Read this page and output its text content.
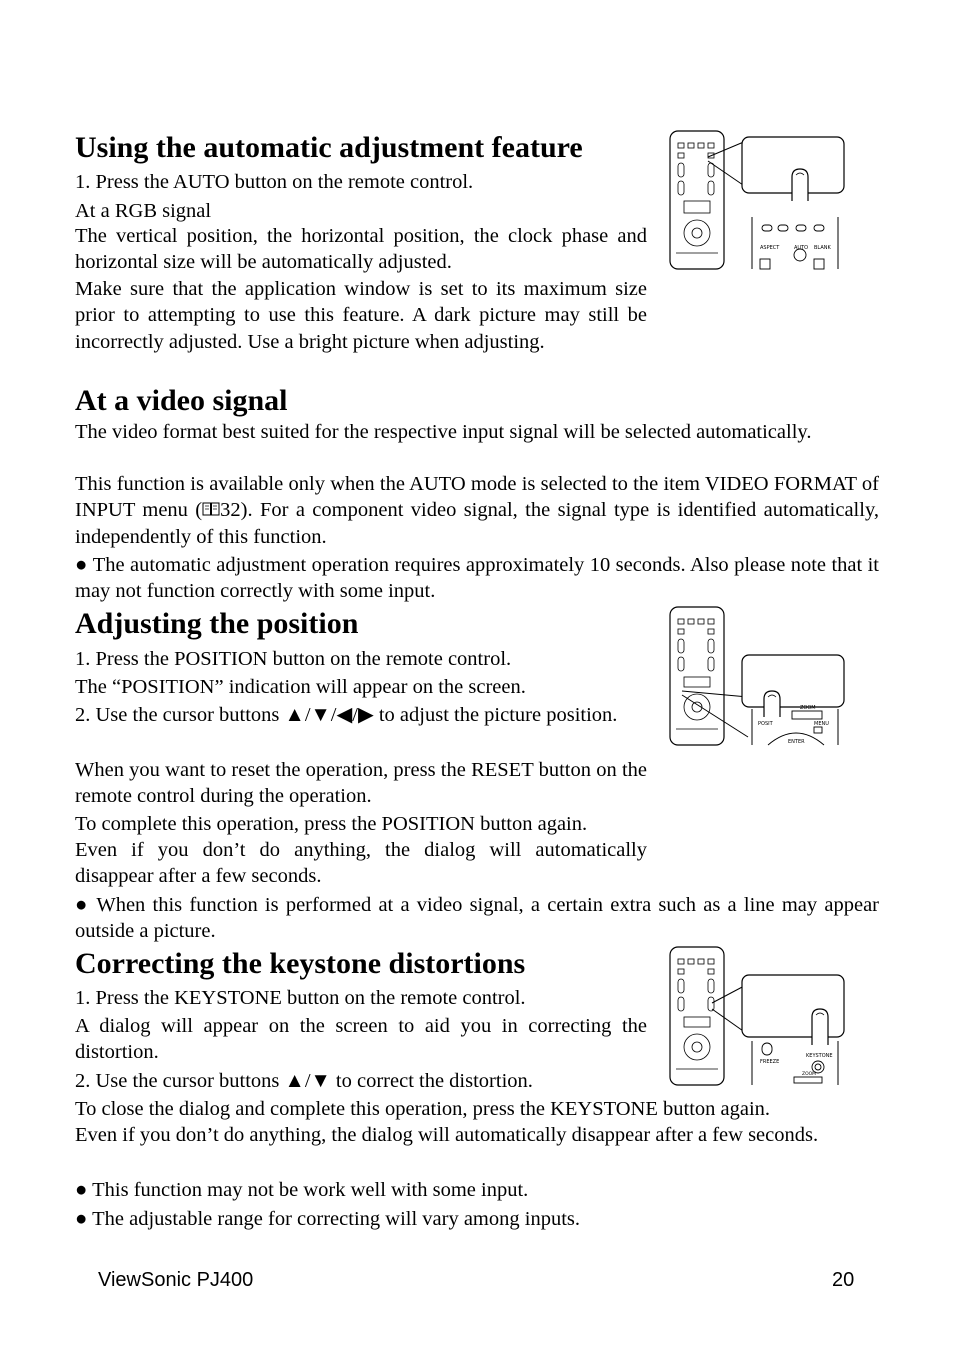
Using the automatic adjustment feature

1. Press the AUTO button on the remote control.

At a RGB signal

The vertical position, the horizontal position, the clock phase and horizontal size will be automatically adjusted.

Make sure that the application window is set to its maximum size prior to attempting to use this feature. A dark picture may still be incorrectly adjusted. Use a bright picture when adjusting.

ASPECT	AUTO BLANK
At a video signal

The video format best suited for the respective input signal will be selected automatically.

This function is available only when the AUTO mode is selected to the item VIDEO FORMAT of INPUT menu ( 32). For a component video signal, the signal type is identified automatically, independently of this function.

● The automatic adjustment operation requires approximately 10 seconds. Also please note that it may not function correctly with some input.

Adjusting the position

1. Press the POSITION button on the remote control.

The “POSITION” indication will appear on the screen.

2. Use the cursor buttons ▲/▼/◀/▶ to adjust the picture position.

When you want to reset the operation, press the RESET button on the remote control during the operation.

To complete this operation, press the POSITION button again.

Even if you don’t do anything, the dialog will automatically disappear after a few seconds.

● When this function is performed at a video signal, a certain extra such as a line may appear outside a picture.

ZOOM
POSIT	MENU
ENTER
Correcting the keystone distortions

1. Press the KEYSTONE button on the remote control.

A dialog will appear on the screen to aid you in correcting the distortion.

2. Use the cursor buttons ▲/▼ to correct the distortion.

To close the dialog and complete this operation, press the KEYSTONE button again.

Even if you don’t do anything, the dialog will automatically disappear after a few seconds.

● This function may not be work well with some input.

● The adjustable range for correcting will vary among inputs.

FREEZE
KEYSTONE
ZOOM
ViewSonic PJ400	20
